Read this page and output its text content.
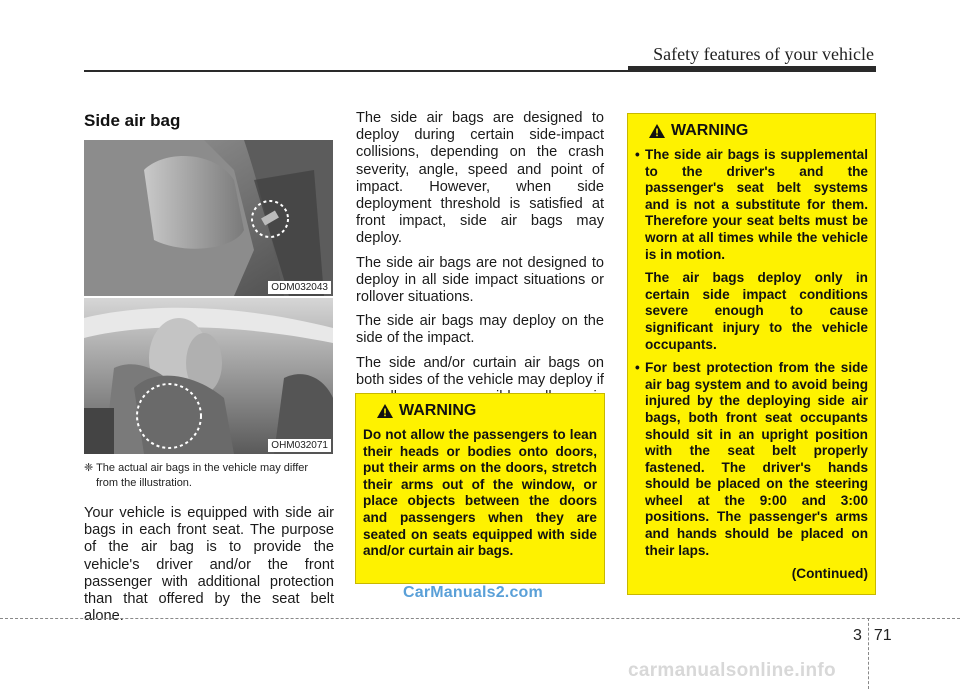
Safety features of your vehicle
Side air bag
ODM032043
OHM032071
❈ The actual air bags in the vehicle may differ
from the illustration.

Your vehicle is equipped with side air bags in each front seat. The purpose of the air bag is to provide the vehicle's driver and/or the front passenger with additional protection than that offered by the seat belt alone.

The side air bags are designed to deploy during certain side-impact collisions, depending on the crash severity, angle, speed and point of impact. However, when side deployment threshold is satisfied at front impact, side air bags may deploy.

The side air bags are not designed to deploy in all side impact situations or rollover situations.

The side air bags may deploy on the side of the impact.

The side and/or curtain air bags on both sides of the vehicle may deploy if

WARNING
Do not allow the passengers to lean their heads or bodies onto doors, put their arms on the doors, stretch their arms out of the window, or place objects between the doors and passengers when they are seated on seats equipped with side and/or curtain air bags.
WARNING

• The side air bags is supplemental to the driver's and the passenger's seat belt systems and is not a substitute for them. Therefore your seat belts must be worn at all times while the vehicle is in motion.

The air bags deploy only in certain side impact conditions severe enough to cause significant injury to the vehicle occupants.

• For best protection from the side air bag system and to avoid being injured by the deploying side air bags, both front seat occupants should sit in an upright position with the seat belt properly fastened. The driver's hands should be placed on the steering wheel at the 9:00 and 3:00 positions. The passenger's arms and hands should be placed on their laps.

(Continued)
CarManuals2.com
3 71
carmanualsonline.info
